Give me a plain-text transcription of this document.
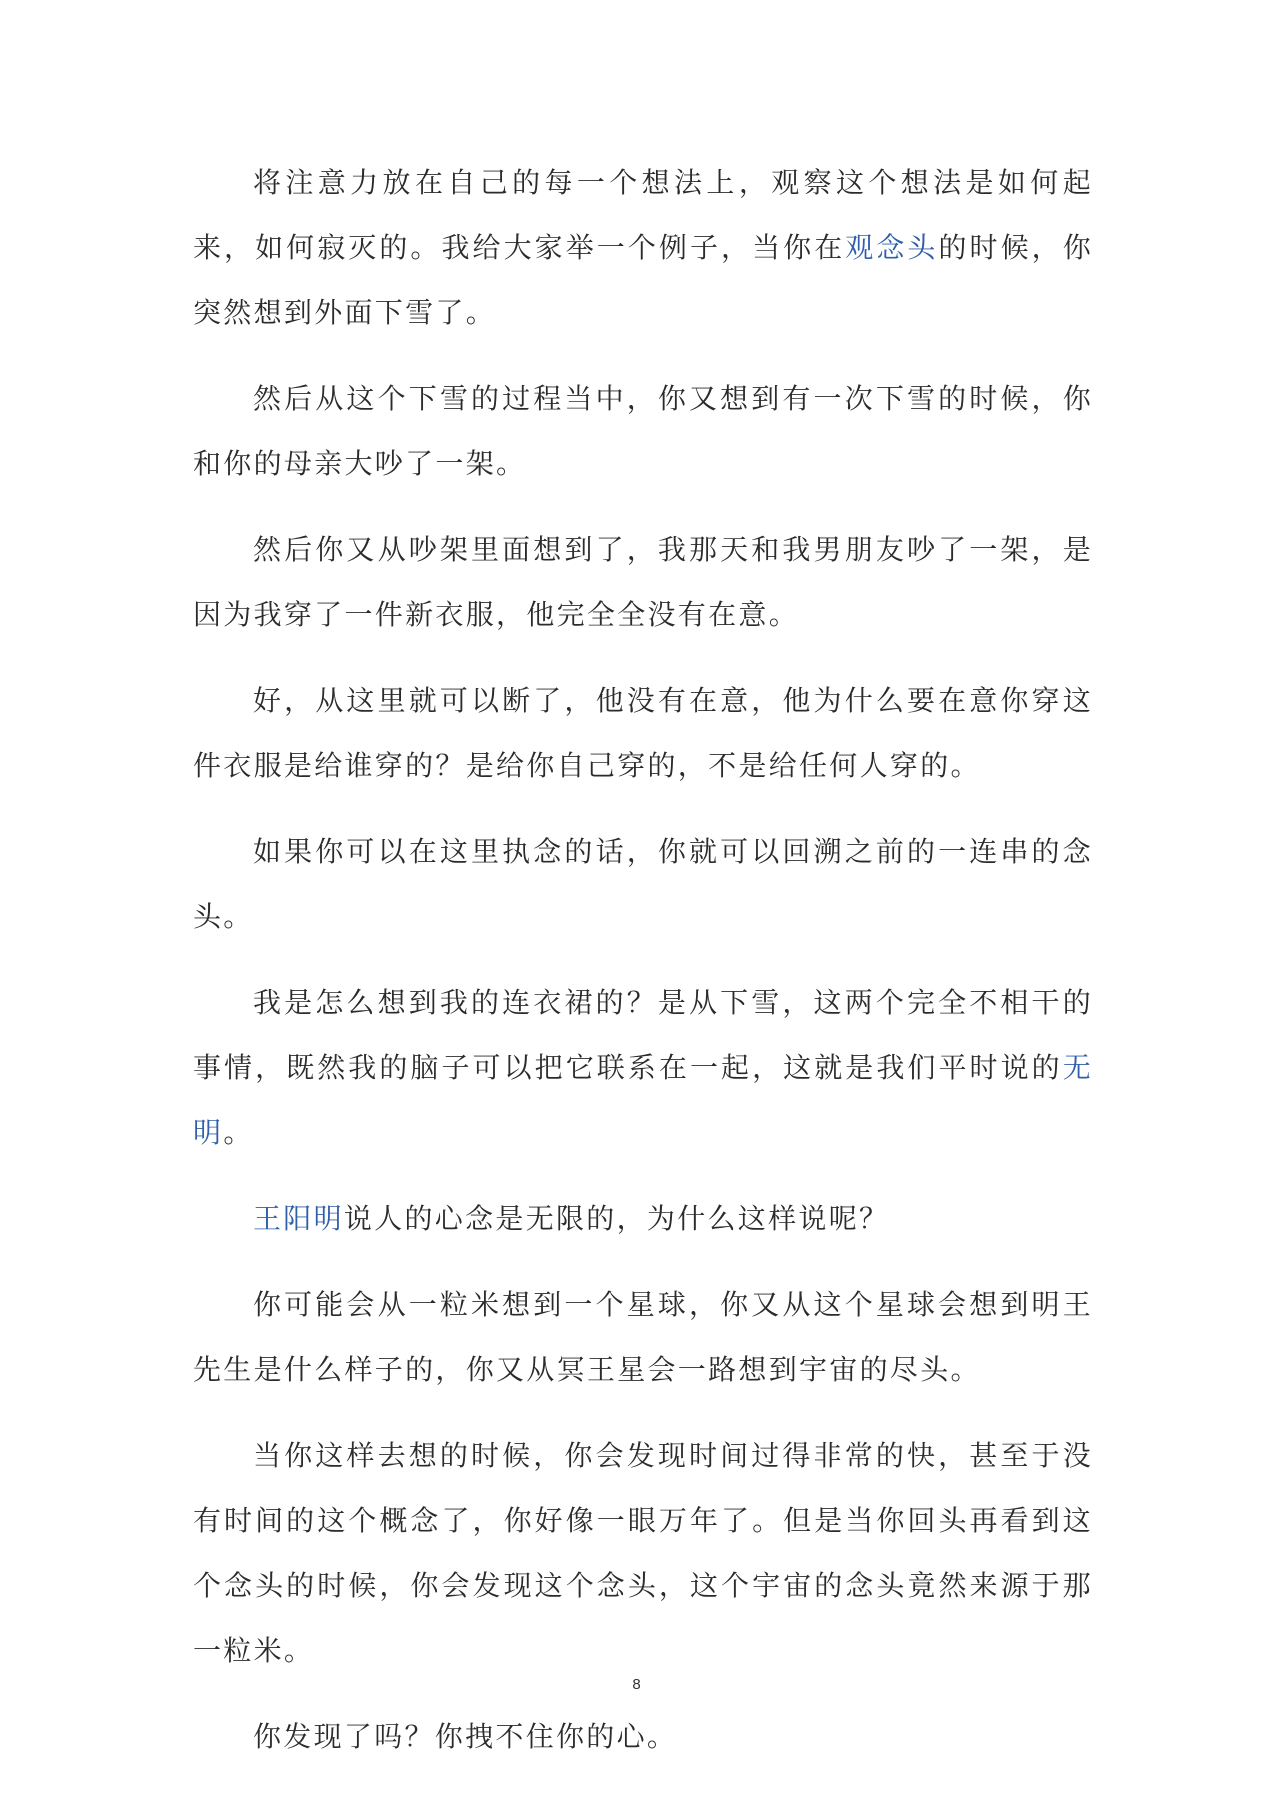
将注意力放在自己的每一个想法上，观察这个想法是如何起来，如何寂灭的。我给大家举一个例子，当你在观念头的时候，你突然想到外面下雪了。

然后从这个下雪的过程当中，你又想到有一次下雪的时候，你和你的母亲大吵了一架。

然后你又从吵架里面想到了，我那天和我男朋友吵了一架，是因为我穿了一件新衣服，他完全全没有在意。

好，从这里就可以断了，他没有在意，他为什么要在意你穿这件衣服是给谁穿的？是给你自己穿的，不是给任何人穿的。

如果你可以在这里执念的话，你就可以回溯之前的一连串的念头。

我是怎么想到我的连衣裙的？是从下雪，这两个完全不相干的事情，既然我的脑子可以把它联系在一起，这就是我们平时说的无明。

王阳明说人的心念是无限的，为什么这样说呢？

你可能会从一粒米想到一个星球，你又从这个星球会想到明王先生是什么样子的，你又从冥王星会一路想到宇宙的尽头。

当你这样去想的时候，你会发现时间过得非常的快，甚至于没有时间的这个概念了，你好像一眼万年了。但是当你回头再看到这个念头的时候，你会发现这个念头，这个宇宙的念头竟然来源于那一粒米。

你发现了吗？你拽不住你的心。

8
